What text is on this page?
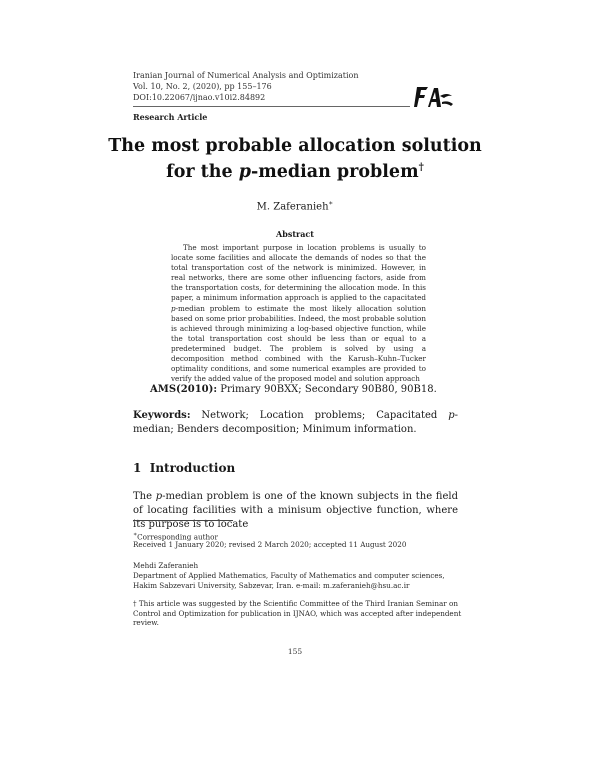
Iranian Journal of Numerical Analysis and Optimization
Vol. 10, No. 2, (2020), pp 155–176
DOI:10.22067/ijnao.v10i2.84892
Research Article
The most probable allocation solution
for the p-median problem†
M. Zaferanieh∗
Abstract
The most important purpose in location problems is usually to locate some facilities and allocate the demands of nodes so that the total transportation cost of the network is minimized. However, in real networks, there are some other influencing factors, aside from the transportation costs, for determining the allocation mode. In this paper, a minimum information approach is applied to the capacitated p-median problem to estimate the most likely allocation solution based on some prior probabilities. Indeed, the most probable solution is achieved through minimizing a log-based objective function, while the total transportation cost should be less than or equal to a predetermined budget. The problem is solved by using a decomposition method combined with the Karush–Kuhn–Tucker optimality conditions, and some numerical examples are provided to verify the added value of the proposed model and solution approach
AMS(2010): Primary 90BXX; Secondary 90B80, 90B18.
Keywords: Network; Location problems; Capacitated p-median; Benders decomposition; Minimum information.
1 Introduction
The p-median problem is one of the known subjects in the field of locating facilities with a minisum objective function, where its purpose is to locate
∗Corresponding author
Received 1 January 2020; revised 2 March 2020; accepted 11 August 2020
Mehdi Zaferanieh
Department of Applied Mathematics, Faculty of Mathematics and computer sciences, Hakim Sabzevari University, Sabzevar, Iran. e-mail: m.zaferanieh@hsu.ac.ir
† This article was suggested by the Scientific Committee of the Third Iranian Seminar on Control and Optimization for publication in IJNAO, which was accepted after independent review.
155
